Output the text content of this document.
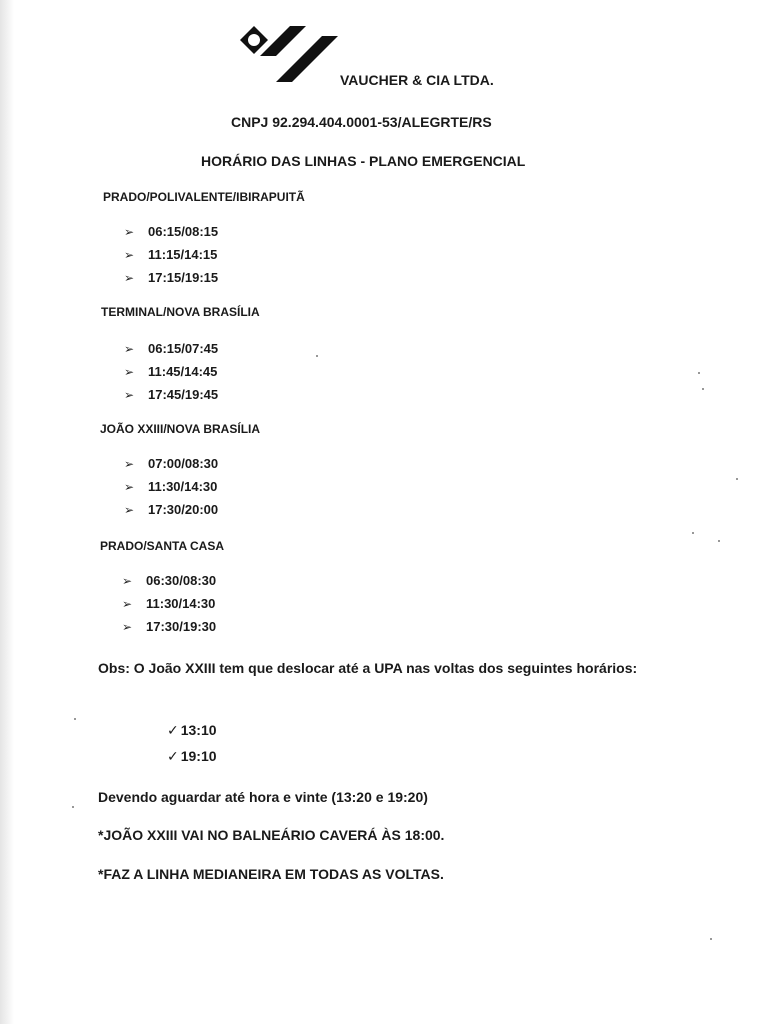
VAUCHER & CIA LTDA.
CNPJ 92.294.404.0001-53/ALEGRTE/RS
HORÁRIO DAS LINHAS - PLANO EMERGENCIAL
PRADO/POLIVALENTE/IBIRAPUITÃ
➢ 06:15/08:15
➢ 11:15/14:15
➢ 17:15/19:15
TERMINAL/NOVA BRASÍLIA
➢ 06:15/07:45
➢ 11:45/14:45
➢ 17:45/19:45
JOÃO XXIII/NOVA BRASÍLIA
➢ 07:00/08:30
➢ 11:30/14:30
➢ 17:30/20:00
PRADO/SANTA CASA
➢ 06:30/08:30
➢ 11:30/14:30
➢ 17:30/19:30
Obs: O João XXIII tem que deslocar até a UPA nas voltas dos seguintes horários:
✓ 13:10
✓ 19:10
Devendo aguardar até hora e vinte (13:20 e 19:20)
*JOÃO XXIII VAI NO BALNEÁRIO CAVERÁ ÀS 18:00.
*FAZ A LINHA MEDIANEIRA EM TODAS AS VOLTAS.
